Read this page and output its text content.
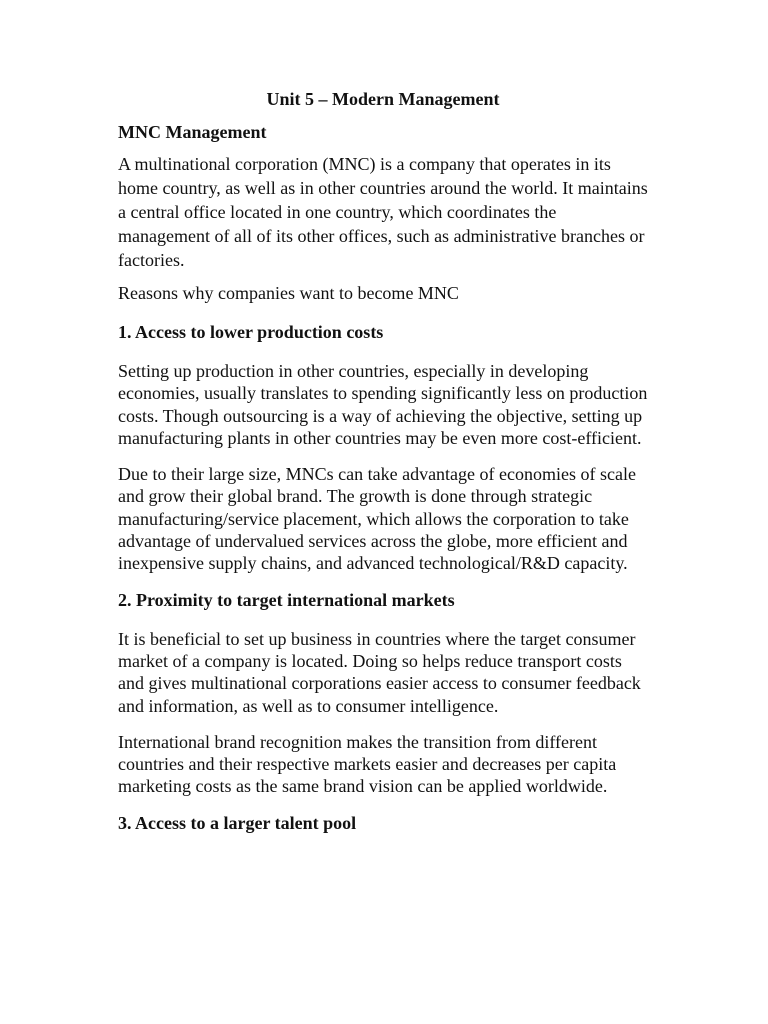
Unit 5 – Modern Management
MNC Management

A multinational corporation (MNC) is a company that operates in its home country, as well as in other countries around the world. It maintains a central office located in one country, which coordinates the management of all of its other offices, such as administrative branches or factories.

Reasons why companies want to become MNC

1. Access to lower production costs

Setting up production in other countries, especially in developing economies, usually translates to spending significantly less on production costs. Though outsourcing is a way of achieving the objective, setting up manufacturing plants in other countries may be even more cost-efficient.

Due to their large size, MNCs can take advantage of economies of scale and grow their global brand. The growth is done through strategic manufacturing/service placement, which allows the corporation to take advantage of undervalued services across the globe, more efficient and inexpensive supply chains, and advanced technological/R&D capacity.

2. Proximity to target international markets

It is beneficial to set up business in countries where the target consumer market of a company is located. Doing so helps reduce transport costs and gives multinational corporations easier access to consumer feedback and information, as well as to consumer intelligence.

International brand recognition makes the transition from different countries and their respective markets easier and decreases per capita marketing costs as the same brand vision can be applied worldwide.

3. Access to a larger talent pool
